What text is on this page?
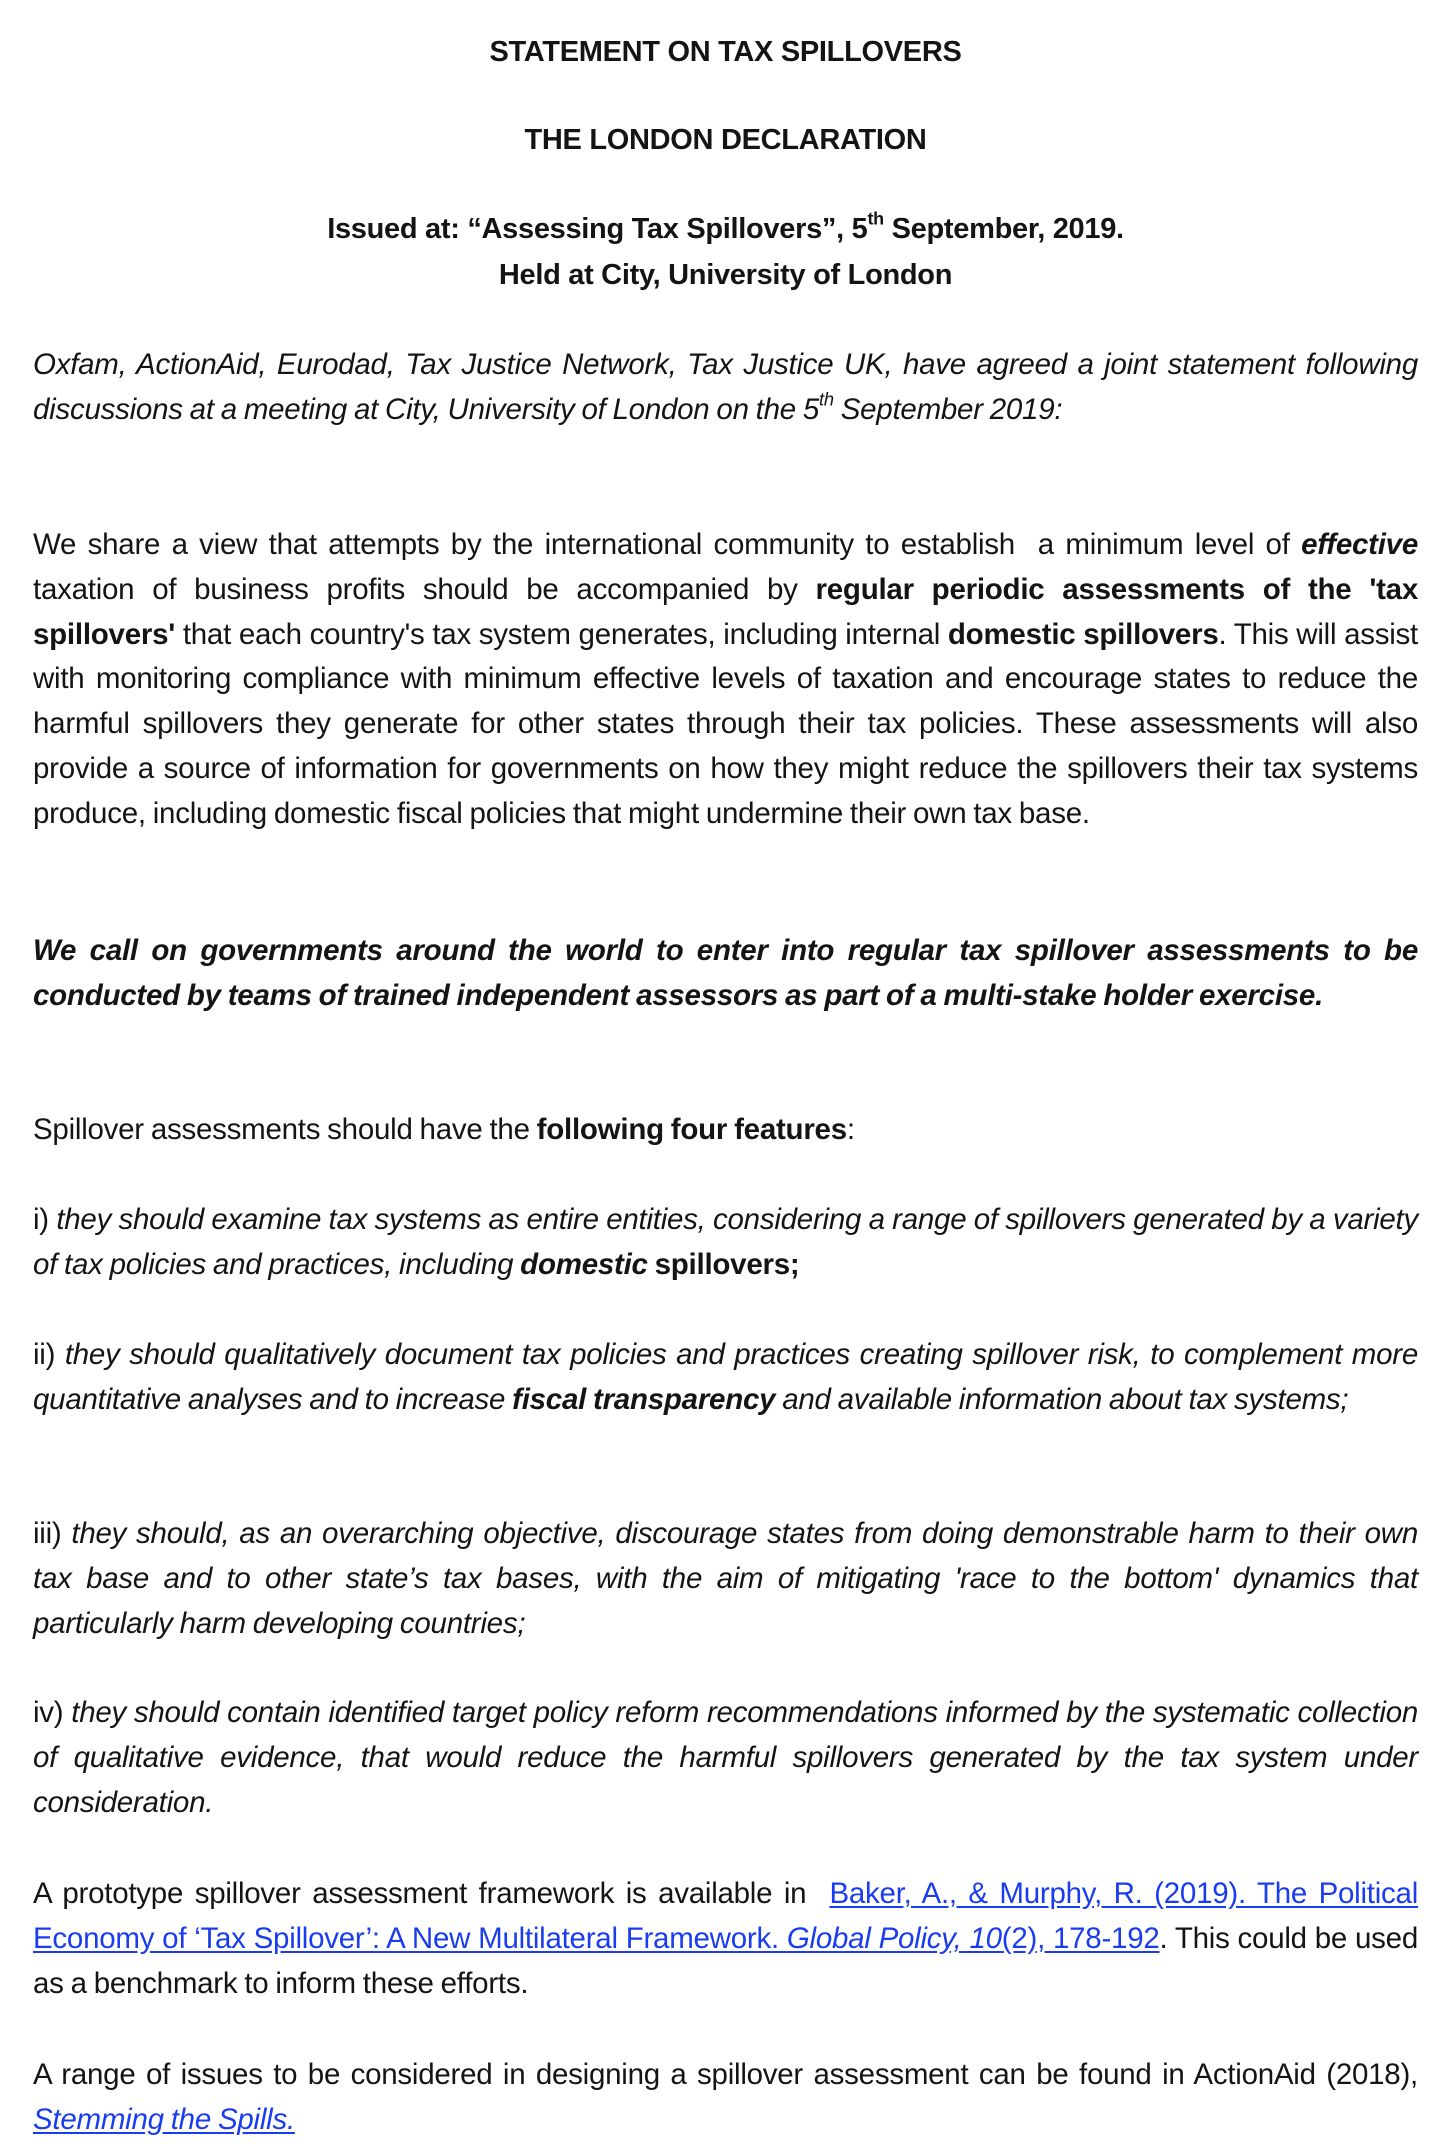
STATEMENT ON TAX SPILLOVERS
THE LONDON DECLARATION
Issued at: “Assessing Tax Spillovers”, 5th September, 2019.
Held at City, University of London

Oxfam, ActionAid, Eurodad, Tax Justice Network, Tax Justice UK, have agreed a joint statement following discussions at a meeting at City, University of London on the 5th September 2019:

We share a view that attempts by the international community to establish  a minimum level of effective taxation of business profits should be accompanied by regular periodic assessments of the 'tax spillovers' that each country's tax system generates, including internal domestic spillovers. This will assist with monitoring compliance with minimum effective levels of taxation and encourage states to reduce the harmful spillovers they generate for other states through their tax policies. These assessments will also provide a source of information for governments on how they might reduce the spillovers their tax systems produce, including domestic fiscal policies that might undermine their own tax base.

We call on governments around the world to enter into regular tax spillover assessments to be conducted by teams of trained independent assessors as part of a multi-stake holder exercise.

Spillover assessments should have the following four features:

i) they should examine tax systems as entire entities, considering a range of spillovers generated by a variety of tax policies and practices, including domestic spillovers;

ii) they should qualitatively document tax policies and practices creating spillover risk, to complement more quantitative analyses and to increase fiscal transparency and available information about tax systems;

iii) they should, as an overarching objective, discourage states from doing demonstrable harm to their own tax base and to other state’s tax bases, with the aim of mitigating 'race to the bottom' dynamics that particularly harm developing countries;

iv) they should contain identified target policy reform recommendations informed by the systematic collection of qualitative evidence, that would reduce the harmful spillovers generated by the tax system under consideration.

A prototype spillover assessment framework is available in  Baker, A., & Murphy, R. (2019). The Political Economy of ‘Tax Spillover’: A New Multilateral Framework. Global Policy, 10(2), 178-192. This could be used as a benchmark to inform these efforts.

A range of issues to be considered in designing a spillover assessment can be found in ActionAid (2018), Stemming the Spills.
